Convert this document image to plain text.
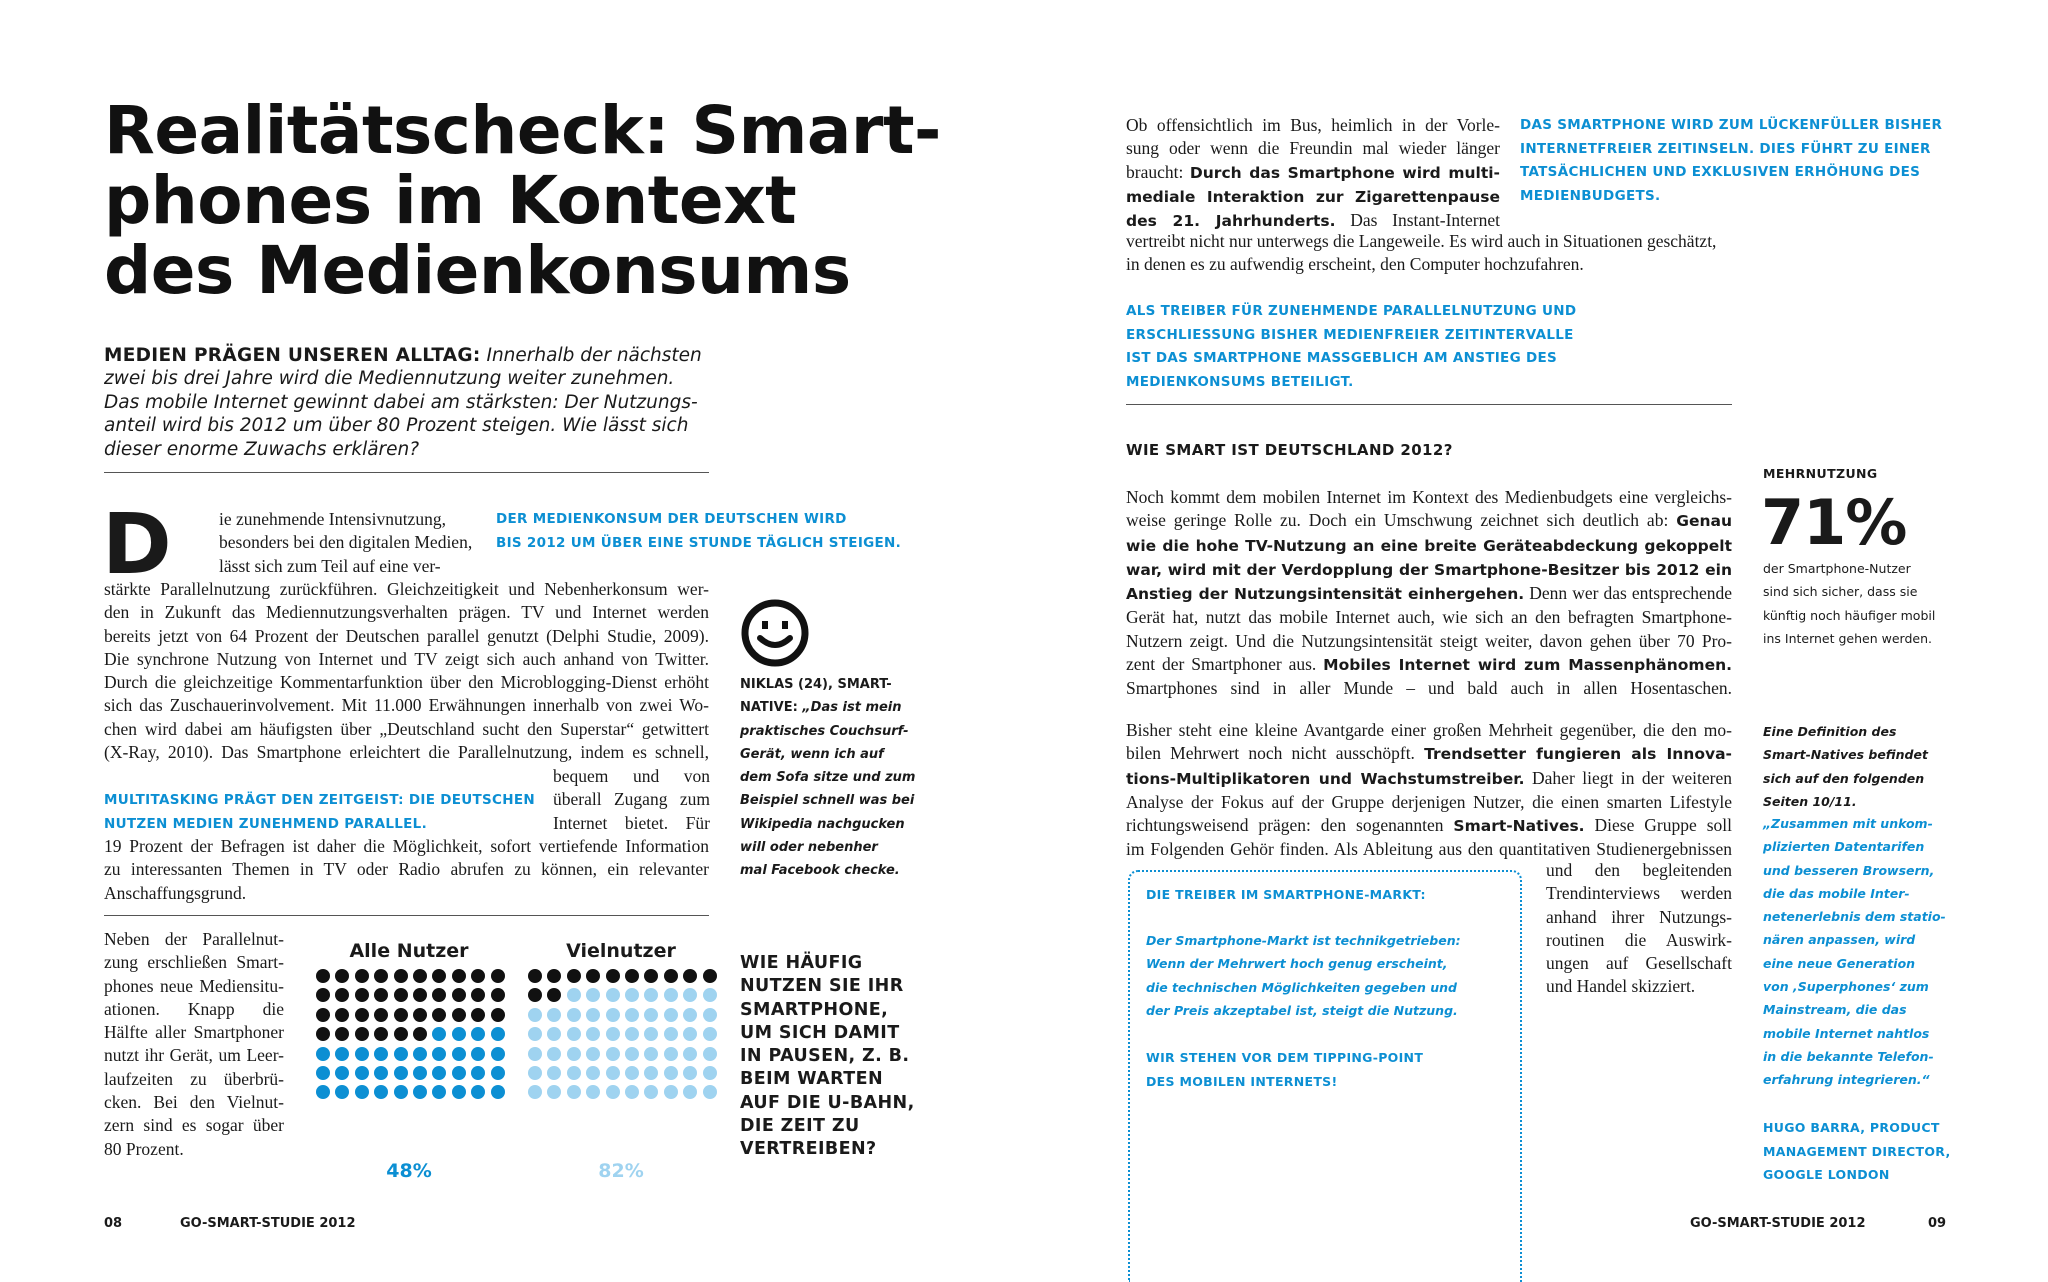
Realitätscheck: Smart-
phones im Kontext
des Medienkonsums
MEDIEN PRÄGEN UNSEREN ALLTAG: Innerhalb der nächsten
zwei bis drei Jahre wird die Mediennutzung weiter zunehmen.
Das mobile Internet gewinnt dabei am stärksten: Der Nutzungs-
anteil wird bis 2012 um über 80 Prozent steigen. Wie lässt sich
dieser enorme Zuwachs erklären?
D	ie zunehmende Intensivnutzung,
besonders bei den digitalen Medien,
lässt sich zum Teil auf eine ver-
DER MEDIENKONSUM DER DEUTSCHEN WIRD
BIS 2012 UM ÜBER EINE STUNDE TÄGLICH STEIGEN.
stärkte Parallelnutzung zurückführen. Gleichzeitigkeit und Nebenherkonsum wer-
den in Zukunft das Mediennutzungsverhalten prägen. TV und Internet werden
bereits jetzt von 64 Prozent der Deutschen parallel genutzt (Delphi Studie, 2009).
Die synchrone Nutzung von Internet und TV zeigt sich auch anhand von Twitter.
Durch die gleichzeitige Kommentarfunktion über den Microblogging-Dienst erhöht
sich das Zuschauerinvolvement. Mit 11.000 Erwähnungen innerhalb von zwei Wo-
chen wird dabei am häufigsten über „Deutschland sucht den Superstar“ getwittert
(X-Ray, 2010). Das Smartphone erleichtert die Parallelnutzung, indem es schnell,
bequem und von
überall Zugang zum
Internet bietet. Für
MULTITASKING PRÄGT DEN ZEITGEIST: DIE DEUTSCHEN
NUTZEN MEDIEN ZUNEHMEND PARALLEL.
19 Prozent der Befragen ist daher die Möglichkeit, sofort vertiefende Information
zu interessanten Themen in TV oder Radio abrufen zu können, ein relevanter
Anschaffungsgrund.
NIKLAS (24), SMART-
NATIVE: „Das ist mein
praktisches Couchsurf-
Gerät, wenn ich auf
dem Sofa sitze und zum
Beispiel schnell was bei
Wikipedia nachgucken
will oder nebenher
mal Facebook checke.
Neben der Parallelnut-
zung erschließen Smart-
phones neue Mediensitu-
ationen. Knapp die
Hälfte aller Smartphoner
nutzt ihr Gerät, um Leer-
laufzeiten zu überbrü-
cken. Bei den Vielnut-
zern sind es sogar über
80 Prozent.
Alle Nutzer
48%
Vielnutzer
82%
WIE HÄUFIG
NUTZEN SIE IHR
SMARTPHONE,
UM SICH DAMIT
IN PAUSEN, Z. B.
BEIM WARTEN
AUF DIE U-BAHN,
DIE ZEIT ZU
VERTREIBEN?
08	GO-SMART-STUDIE 2012
Ob offensichtlich im Bus, heimlich in der Vorle-
sung oder wenn die Freundin mal wieder länger
braucht: Durch das Smartphone wird multi-
mediale Interaktion zur Zigarettenpause
des 21. Jahrhunderts. Das Instant-Internet
vertreibt nicht nur unterwegs die Langeweile. Es wird auch in Situationen geschätzt,
in denen es zu aufwendig erscheint, den Computer hochzufahren.
DAS SMARTPHONE WIRD ZUM LÜCKENFÜLLER BISHER
INTERNETFREIER ZEITINSELN. DIES FÜHRT ZU EINER
TATSÄCHLICHEN UND EXKLUSIVEN ERHÖHUNG DES
MEDIENBUDGETS.
ALS TREIBER FÜR ZUNEHMENDE PARALLELNUTZUNG UND
ERSCHLIESSUNG BISHER MEDIENFREIER ZEITINTERVALLE
IST DAS SMARTPHONE MASSGEBLICH AM ANSTIEG DES
MEDIENKONSUMS BETEILIGT.
WIE SMART IST DEUTSCHLAND 2012?
Noch kommt dem mobilen Internet im Kontext des Medienbudgets eine vergleichs-
weise geringe Rolle zu. Doch ein Umschwung zeichnet sich deutlich ab: Genau
wie die hohe TV-Nutzung an eine breite Geräteabdeckung gekoppelt
war, wird mit der Verdopplung der Smartphone-Besitzer bis 2012 ein
Anstieg der Nutzungsintensität einhergehen. Denn wer das entsprechende
Gerät hat, nutzt das mobile Internet auch, wie sich an den befragten Smartphone-
Nutzern zeigt. Und die Nutzungsintensität steigt weiter, davon gehen über 70 Pro-
zent der Smartphoner aus. Mobiles Internet wird zum Massenphänomen.
Smartphones sind in aller Munde – und bald auch in allen Hosentaschen.
Bisher steht eine kleine Avantgarde einer großen Mehrheit gegenüber, die den mo-
bilen Mehrwert noch nicht ausschöpft. Trendsetter fungieren als Innova-
tions-Multiplikatoren und Wachstumstreiber. Daher liegt in der weiteren
Analyse der Fokus auf der Gruppe derjenigen Nutzer, die einen smarten Lifestyle
richtungsweisend prägen: den sogenannten Smart-Natives. Diese Gruppe soll
im Folgenden Gehör finden. Als Ableitung aus den quantitativen Studienergebnissen
und den begleitenden
Trendinterviews werden
anhand ihrer Nutzungs-
routinen die Auswirk-
ungen auf Gesellschaft
und Handel skizziert.
DIE TREIBER IM SMARTPHONE-MARKT:
Der Smartphone-Markt ist technikgetrieben:
Wenn der Mehrwert hoch genug erscheint,
die technischen Möglichkeiten gegeben und
der Preis akzeptabel ist, steigt die Nutzung.
WIR STEHEN VOR DEM TIPPING-POINT
DES MOBILEN INTERNETS!
MEHRNUTZUNG
71%
der Smartphone-Nutzer
sind sich sicher, dass sie
künftig noch häufiger mobil
ins Internet gehen werden.
Eine Definition des
Smart-Natives befindet
sich auf den folgenden
Seiten 10/11.
„Zusammen mit unkom-
plizierten Datentarifen
und besseren Browsern,
die das mobile Inter-
netenerlebnis dem statio-
nären anpassen, wird
eine neue Generation
von ‚Superphones‘ zum
Mainstream, die das
mobile Internet nahtlos
in die bekannte Telefon-
erfahrung integrieren.“
HUGO BARRA, PRODUCT
MANAGEMENT DIRECTOR,
GOOGLE LONDON
GO-SMART-STUDIE 2012	09
